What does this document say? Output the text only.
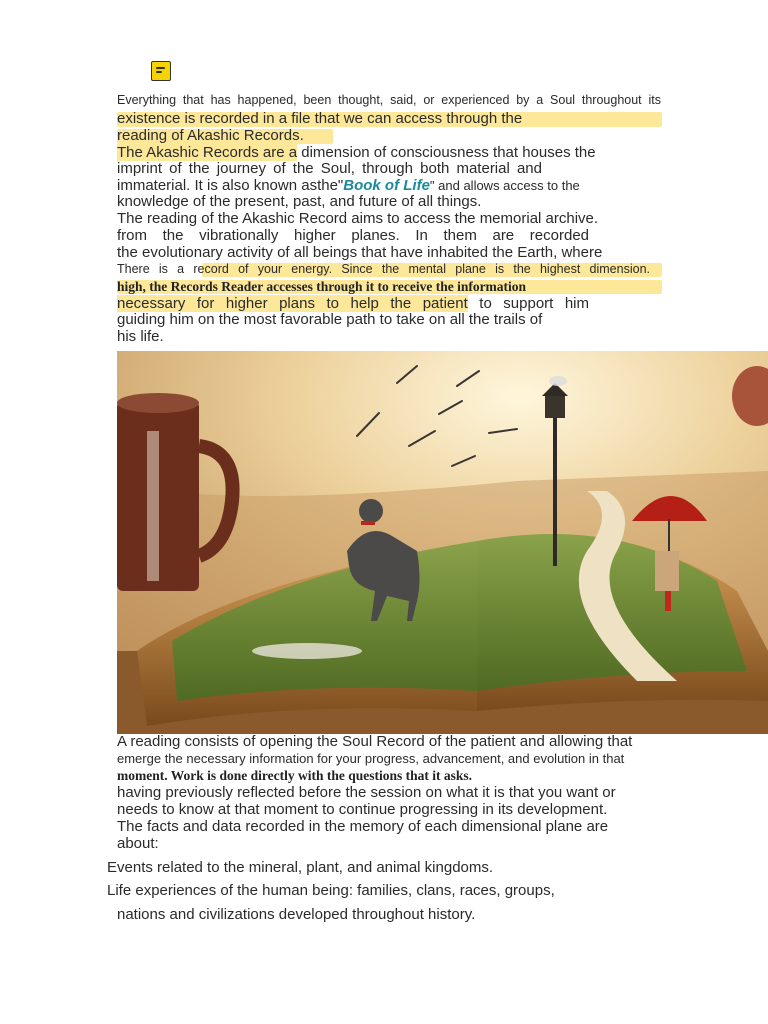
Everything that has happened, been thought, said, or experienced by a Soul throughout its
existence is recorded in a file that we can access through the
reading of Akashic Records.
The Akashic Records are a dimension of consciousness that houses the
imprint of the journey of the Soul, through both material and
immaterial. It is also known asthe"Book of Life" and allows access to the
knowledge of the present, past, and future of all things.
The reading of the Akashic Record aims to access the memorial archive.
from the vibrationally higher planes. In them are recorded
the evolutionary activity of all beings that have inhabited the Earth, where
There is a record of your energy. Since the mental plane is the highest dimension.
high, the Records Reader accesses through it to receive the information
necessary for higher plans to help the patient to support him
guiding him on the most favorable path to take on all the trails of
his life.
A reading consists of opening the Soul Record of the patient and allowing that
emerge the necessary information for your progress, advancement, and evolution in that
moment. Work is done directly with the questions that it asks.
having previously reflected before the session on what it is that you want or
needs to know at that moment to continue progressing in its development.
The facts and data recorded in the memory of each dimensional plane are
about:
Events related to the mineral, plant, and animal kingdoms.
Life experiences of the human being: families, clans, races, groups,
nations and civilizations developed throughout history.
